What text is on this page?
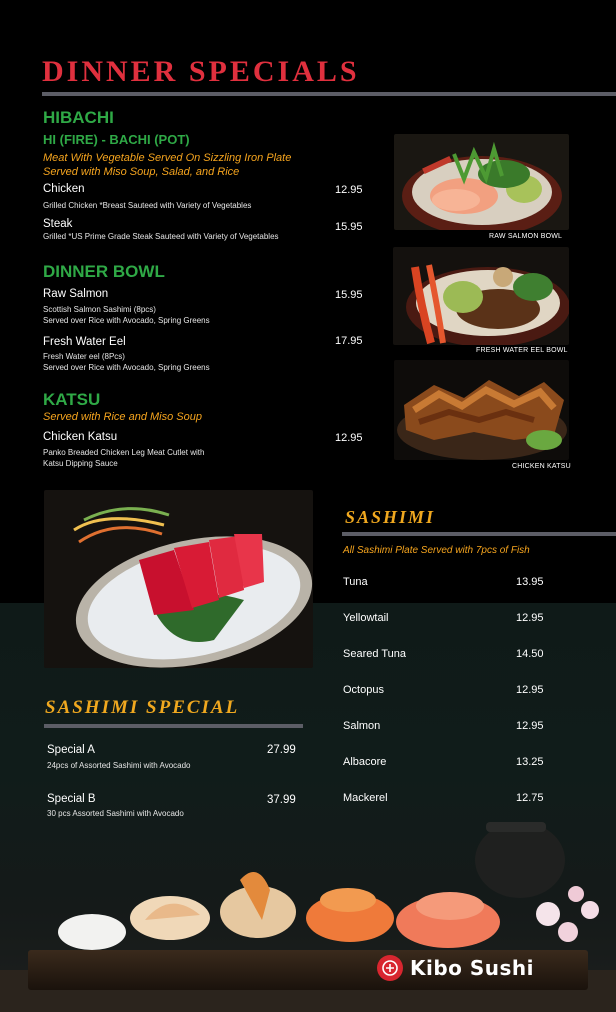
DINNER SPECIALS
HIBACHI
HI (FIRE) - BACHI (POT)
Meat With Vegetable Served On Sizzling Iron Plate
Served with Miso Soup, Salad, and Rice
Chicken	12.95
Grilled Chicken *Breast Sauteed with Variety of Vegetables
Steak	15.95
Grilled *US Prime Grade Steak Sauteed with Variety of Vegetables
DINNER BOWL
Raw Salmon	15.95
Scottish Salmon Sashimi (8pcs)
Served over Rice with Avocado, Spring Greens
Fresh Water Eel	17.95
Fresh Water eel (8Pcs)
Served over Rice with Avocado, Spring Greens
KATSU
Served with Rice and Miso Soup
Chicken Katsu	12.95
Panko Breaded Chicken Leg Meat Cutlet with
Katsu Dipping Sauce
RAW SALMON BOWL
FRESH WATER EEL BOWL
CHICKEN KATSU
SASHIMI
All Sashimi Plate Served with 7pcs of Fish
Tuna	13.95
Yellowtail	12.95
Seared Tuna	14.50
Octopus	12.95
Salmon	12.95
Albacore	13.25
Mackerel	12.75
SASHIMI SPECIAL
Special A	27.99
24pcs of Assorted Sashimi with Avocado
Special B	37.99
30 pcs Assorted Sashimi with Avocado
Kibo Sushi
